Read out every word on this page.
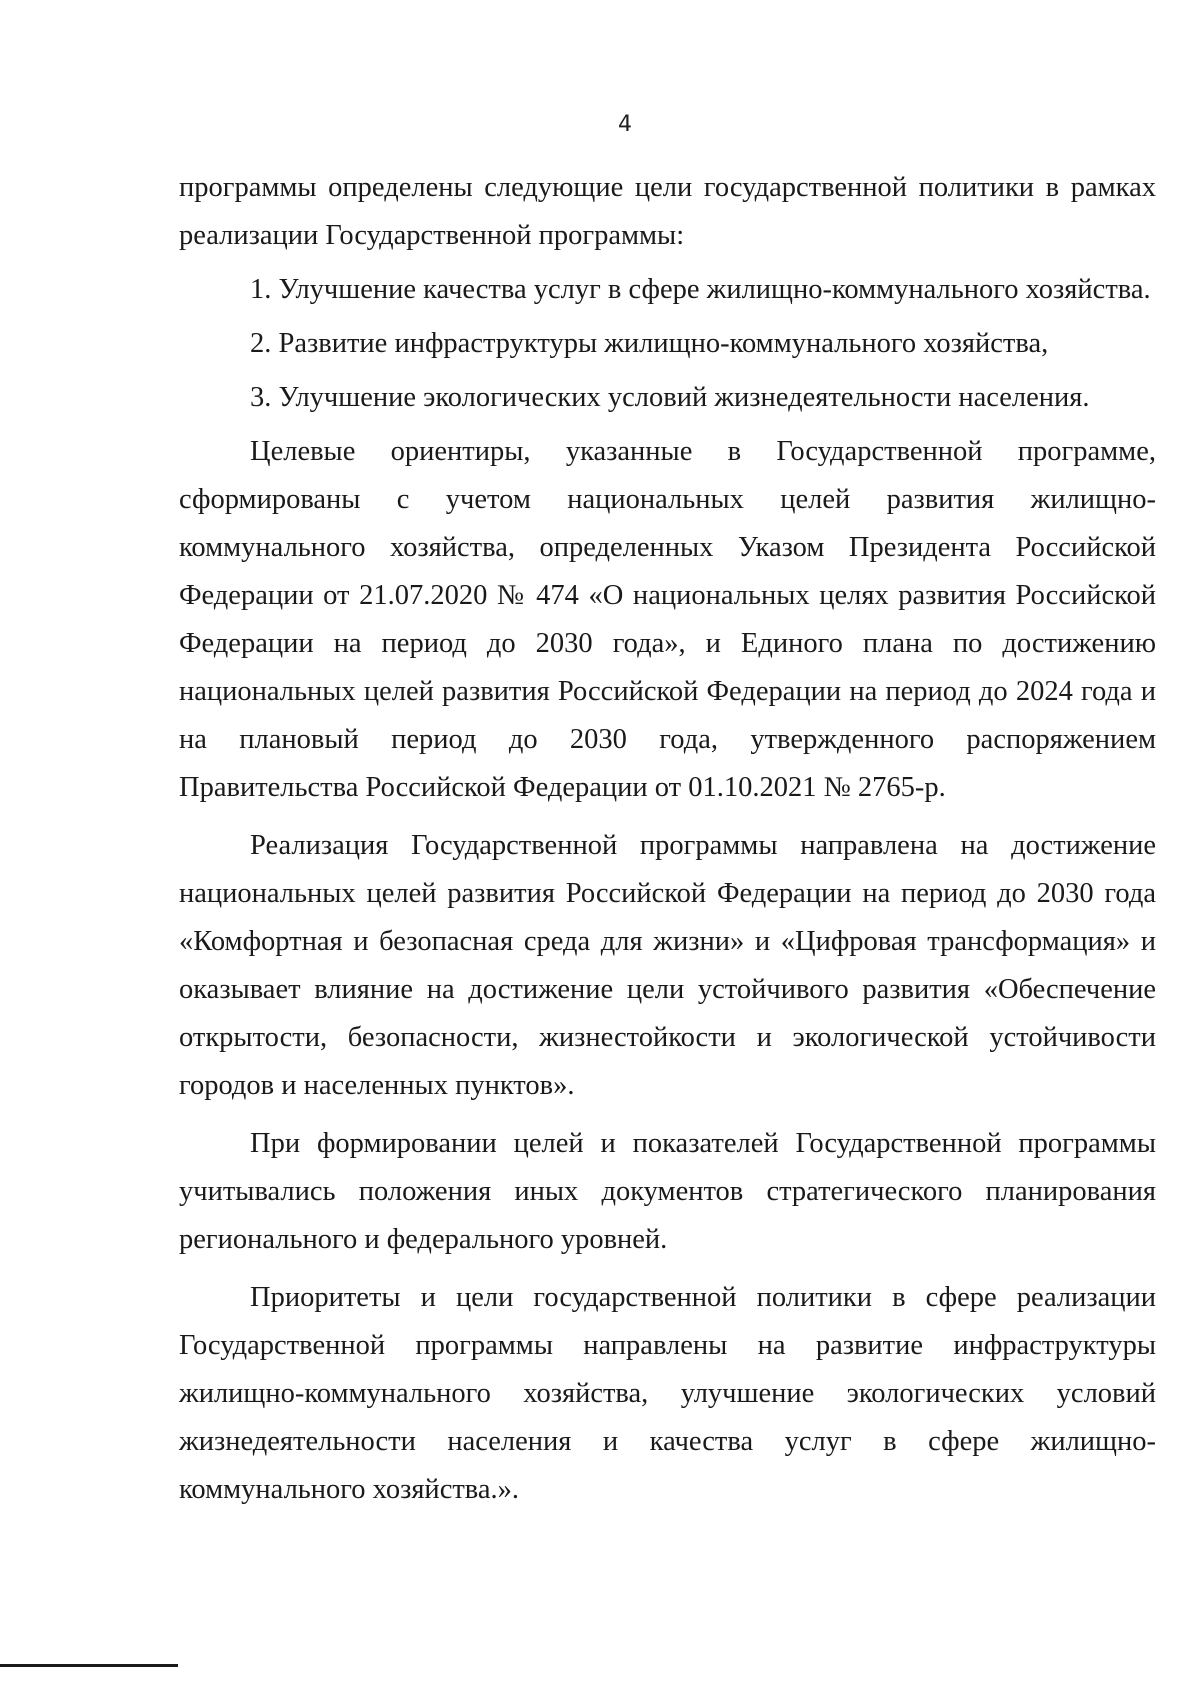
4

программы определены следующие цели государственной политики в рамках реализации Государственной программы:

1. Улучшение качества услуг в сфере жилищно-коммунального хозяйства.

2. Развитие инфраструктуры жилищно-коммунального хозяйства,

3. Улучшение экологических условий жизнедеятельности населения.

Целевые ориентиры, указанные в Государственной программе, сформированы с учетом национальных целей развития жилищно-коммунального хозяйства, определенных Указом Президента Российской Федерации от 21.07.2020 № 474 «О национальных целях развития Российской Федерации на период до 2030 года», и Единого плана по достижению национальных целей развития Российской Федерации на период до 2024 года и на плановый период до 2030 года, утвержденного распоряжением Правительства Российской Федерации от 01.10.2021 № 2765-р.

Реализация Государственной программы направлена на достижение национальных целей развития Российской Федерации на период до 2030 года «Комфортная и безопасная среда для жизни» и «Цифровая трансформация» и оказывает влияние на достижение цели устойчивого развития «Обеспечение открытости, безопасности, жизнестойкости и экологической устойчивости городов и населенных пунктов».

При формировании целей и показателей Государственной программы учитывались положения иных документов стратегического планирования регионального и федерального уровней.

Приоритеты и цели государственной политики в сфере реализации Государственной программы направлены на развитие инфраструктуры жилищно-коммунального хозяйства, улучшение экологических условий жизнедеятельности населения и качества услуг в сфере жилищно-коммунального хозяйства.».
